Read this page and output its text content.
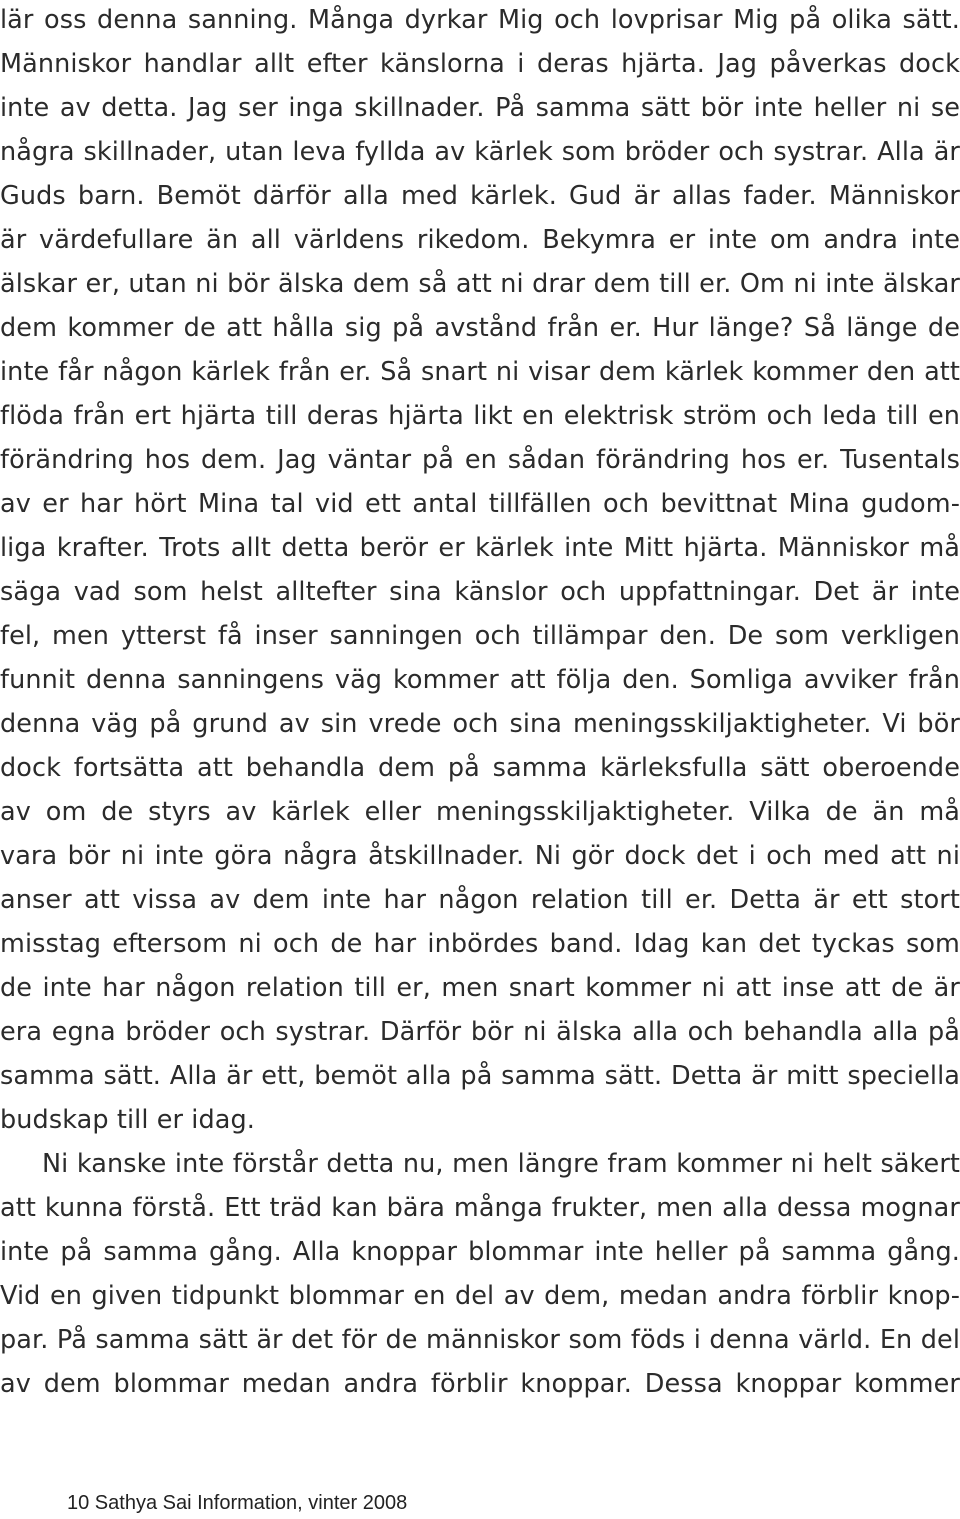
lär oss denna sanning. Många dyrkar Mig och lovprisar Mig på olika sätt.
Människor handlar allt efter känslorna i deras hjärta. Jag påverkas dock
inte av detta. Jag ser inga skillnader. På samma sätt bör inte heller ni se
några skillnader, utan leva fyllda av kärlek som bröder och systrar. Alla är
Guds barn. Bemöt därför alla med kärlek. Gud är allas fader. Människor
är värdefullare än all världens rikedom. Bekymra er inte om andra inte
älskar er, utan ni bör älska dem så att ni drar dem till er. Om ni inte älskar
dem kommer de att hålla sig på avstånd från er. Hur länge? Så länge de
inte får någon kärlek från er. Så snart ni visar dem kärlek kommer den att
flöda från ert hjärta till deras hjärta likt en elektrisk ström och leda till en
förändring hos dem. Jag väntar på en sådan förändring hos er. Tusentals
av er har hört Mina tal vid ett antal tillfällen och bevittnat Mina gudom-
liga krafter. Trots allt detta berör er kärlek inte Mitt hjärta. Människor må
säga vad som helst alltefter sina känslor och uppfattningar. Det är inte
fel, men ytterst få inser sanningen och tillämpar den. De som verkligen
funnit denna sanningens väg kommer att följa den. Somliga avviker från
denna väg på grund av sin vrede och sina meningsskiljaktigheter. Vi bör
dock fortsätta att behandla dem på samma kärleksfulla sätt oberoende
av om de styrs av kärlek eller meningsskiljaktigheter. Vilka de än må
vara bör ni inte göra några åtskillnader. Ni gör dock det i och med att ni
anser att vissa av dem inte har någon relation till er. Detta är ett stort
misstag eftersom ni och de har inbördes band. Idag kan det tyckas som
de inte har någon relation till er, men snart kommer ni att inse att de är
era egna bröder och systrar. Därför bör ni älska alla och behandla alla på
samma sätt. Alla är ett, bemöt alla på samma sätt. Detta är mitt speciella
budskap till er idag.
Ni kanske inte förstår detta nu, men längre fram kommer ni helt säkert
att kunna förstå. Ett träd kan bära många frukter, men alla dessa mognar
inte på samma gång. Alla knoppar blommar inte heller på samma gång.
Vid en given tidpunkt blommar en del av dem, medan andra förblir knop-
par. På samma sätt är det för de människor som föds i denna värld. En del
av dem blommar medan andra förblir knoppar. Dessa knoppar kommer
10 Sathya Sai Information, vinter 2008
